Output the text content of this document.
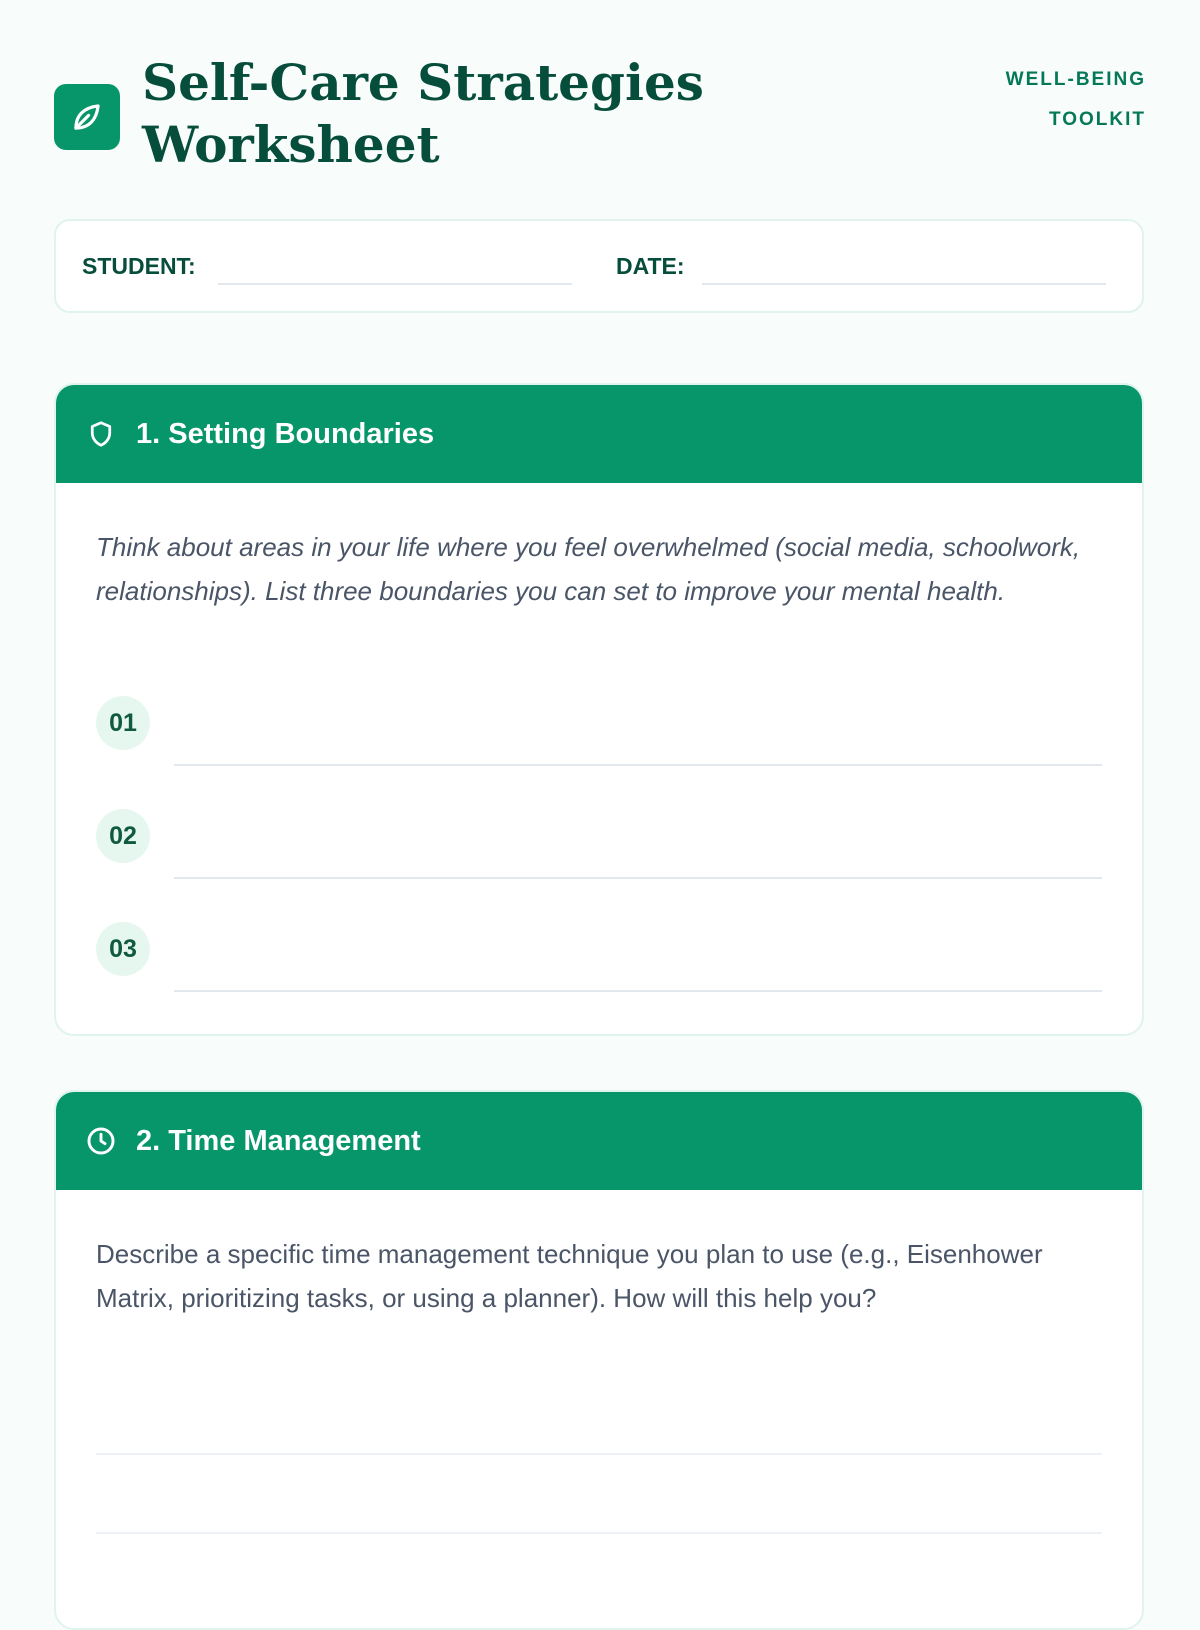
Self-Care Strategies
Worksheet
WELL-BEING
TOOLKIT
STUDENT:	DATE:
1. Setting Boundaries

Think about areas in your life where you feel overwhelmed (social media, schoolwork, relationships). List three boundaries you can set to improve your mental health.

01
02
03
2. Time Management

Describe a specific time management technique you plan to use (e.g., Eisenhower Matrix, prioritizing tasks, or using a planner). How will this help you?
